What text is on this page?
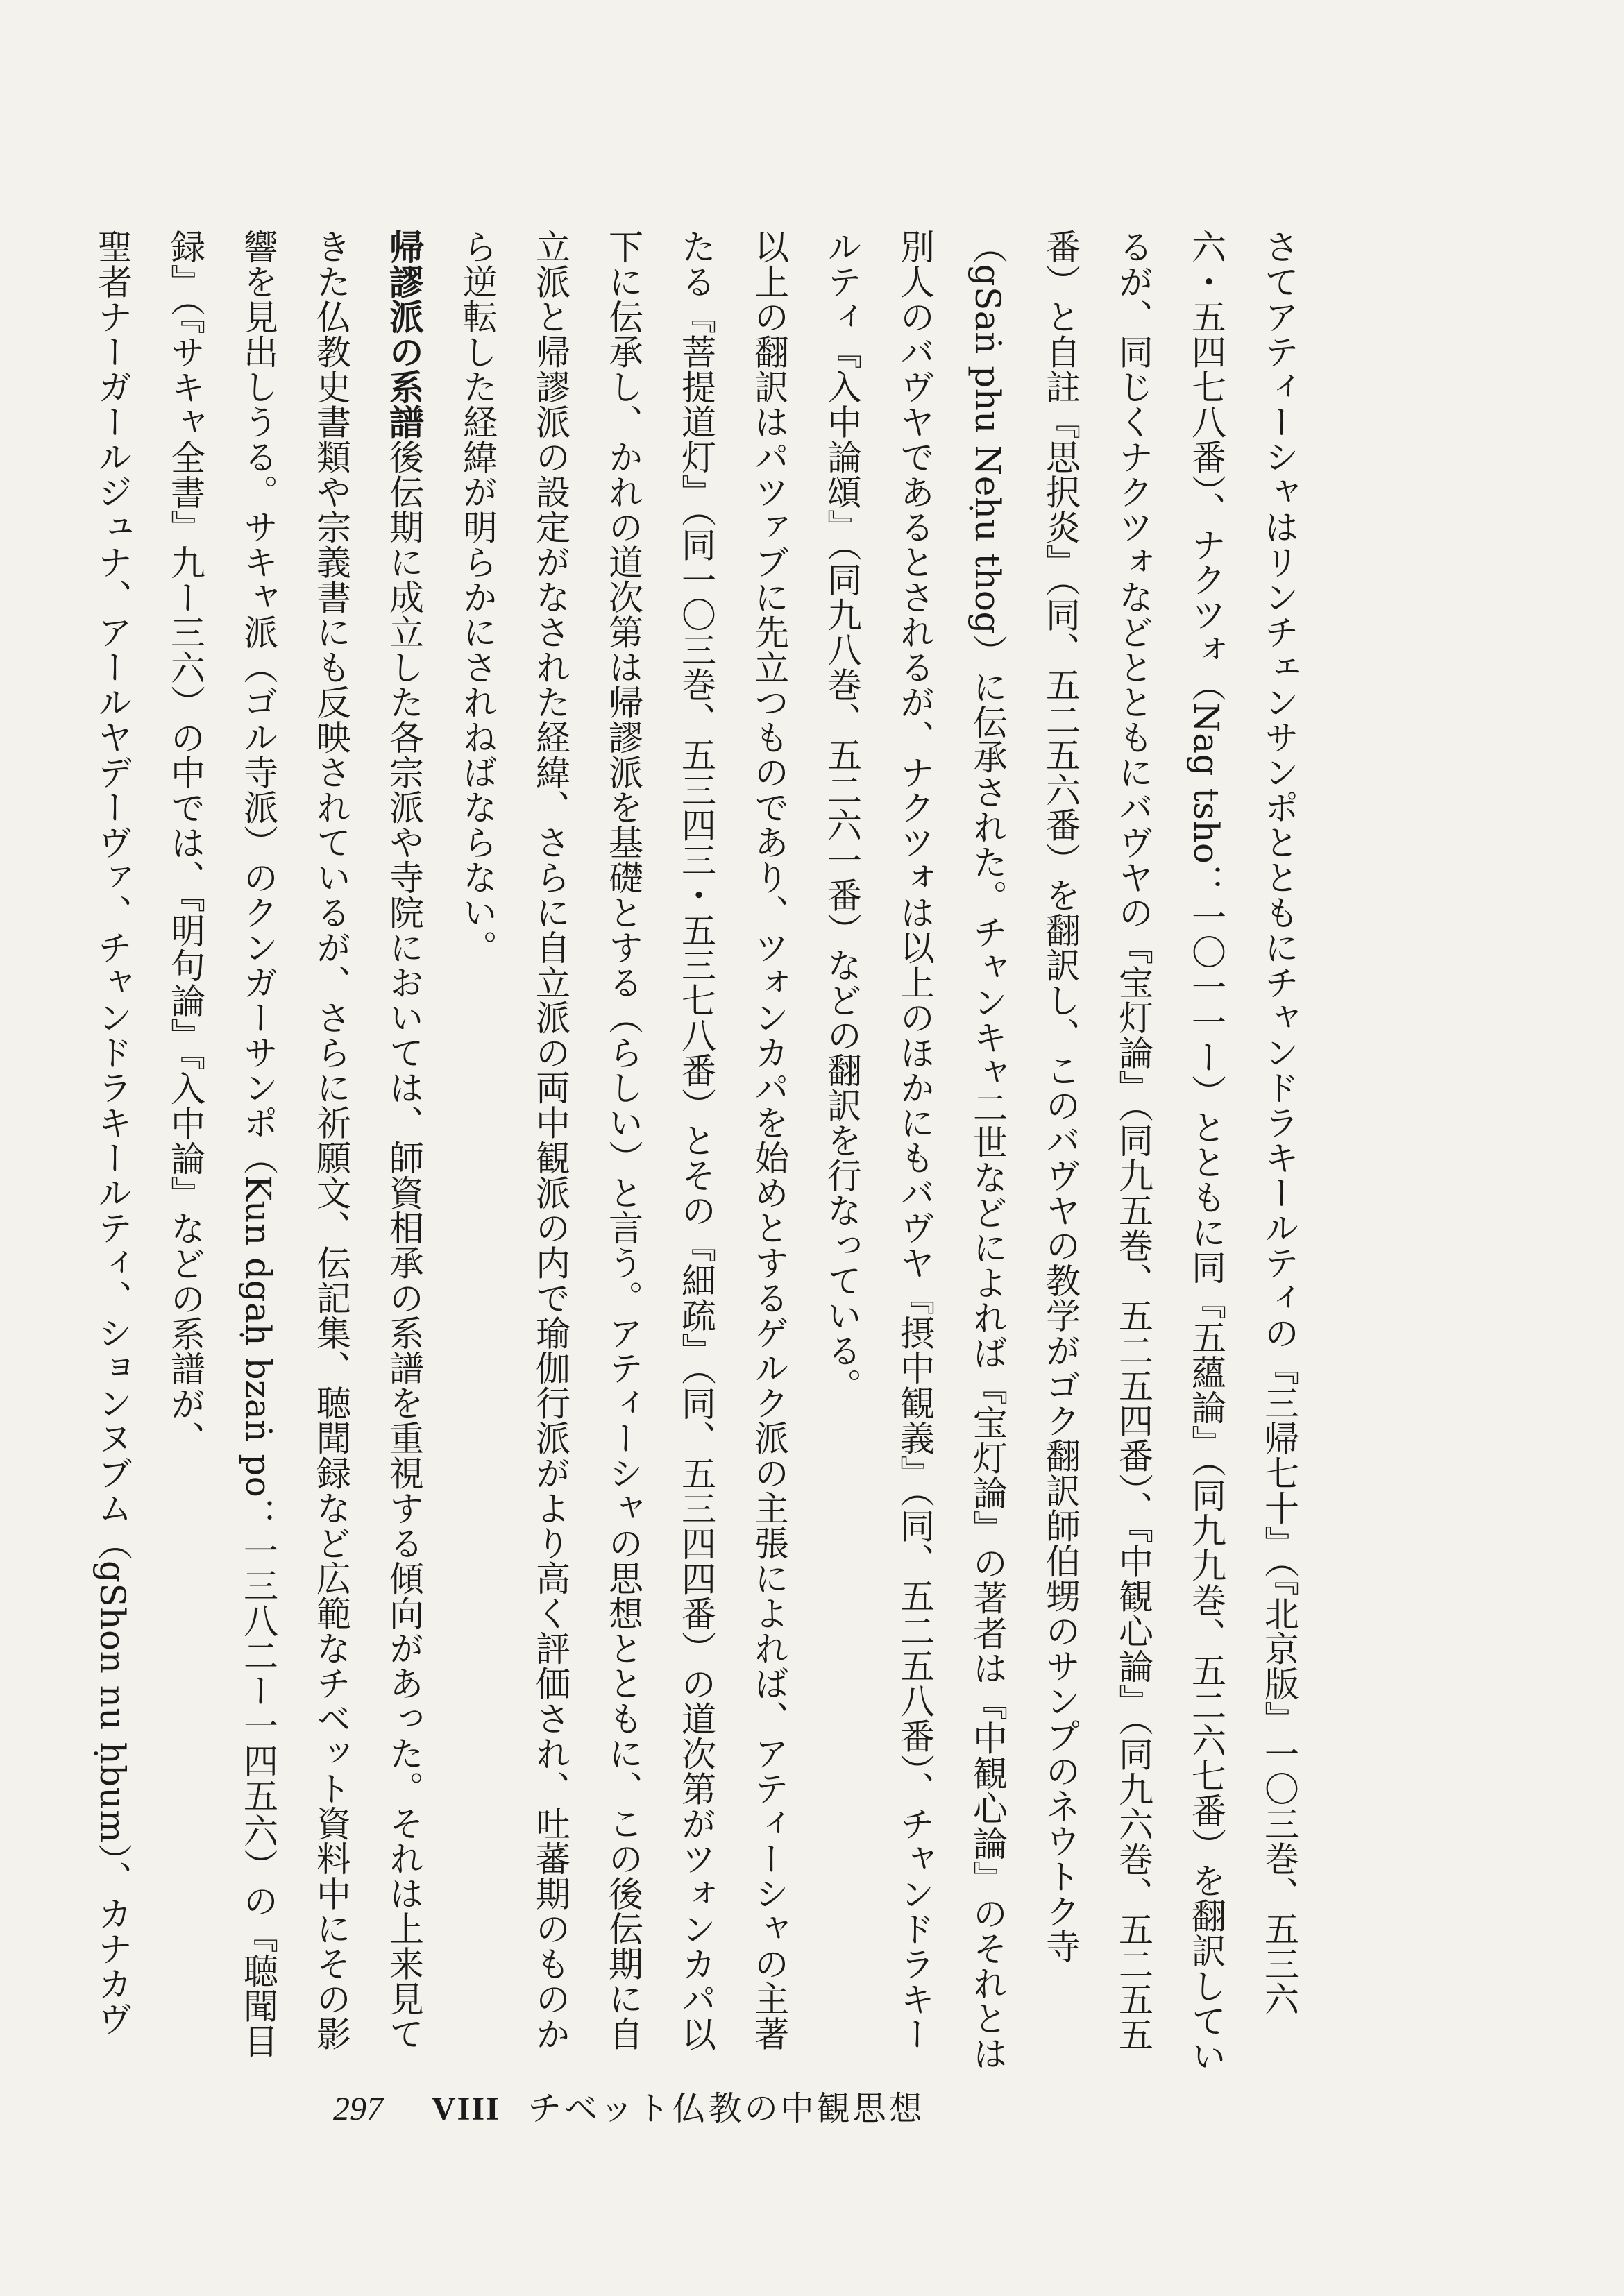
さてアティーシャはリンチェンサンポとともにチャンドラキールティの『三帰七十』（『北京版』一〇三巻、五三六六・五四七八番）、ナクツォ（Nag tsho：一〇一一ー）とともに同『五蘊論』（同九九巻、五二六七番）を翻訳しているが、同じくナクツォなどとともにバヴヤの『宝灯論』（同九五巻、五二五四番）、『中観心論』（同九六巻、五二五五番）と自註『思択炎』（同、五二五六番）を翻訳し、このバヴヤの教学がゴク翻訳師伯甥のサンプのネウトク寺（gSaṅ phu Neḥu thog）に伝承された。チャンキャ二世などによれば『宝灯論』の著者は『中観心論』のそれとは別人のバヴヤであるとされるが、ナクツォは以上のほかにもバヴヤ『摂中観義』（同、五二五八番）、チャンドラキールティ『入中論頌』（同九八巻、五二六一番）などの翻訳を行なっている。

以上の翻訳はパツァブに先立つものであり、ツォンカパを始めとするゲルク派の主張によれば、アティーシャの主著たる『菩提道灯』（同一〇三巻、五三四三・五三七八番）とその『細疏』（同、五三四四番）の道次第がツォンカパ以下に伝承し、かれの道次第は帰謬派を基礎とする（らしい）と言う。アティーシャの思想とともに、この後伝期に自立派と帰謬派の設定がなされた経緯、さらに自立派の両中観派の内で瑜伽行派がより高く評価され、吐蕃期のものから逆転した経緯が明らかにされねばならない。

帰謬派の系譜後伝期に成立した各宗派や寺院においては、師資相承の系譜を重視する傾向があった。それは上来見てきた仏教史書類や宗義書にも反映されているが、さらに祈願文、伝記集、聴聞録など広範なチベット資料中にその影響を見出しうる。サキャ派（ゴル寺派）のクンガーサンポ（Kun dgaḥ bzaṅ po：一三八二ー一四五六）の『聴聞目録』（『サキャ全書』九ー三六）の中では、『明句論』『入中論』などの系譜が、

聖者ナーガールジュナ、アールヤデーヴァ、チャンドラキールティ、ションヌブム（gShon nu ḥbum）、カナカヴ

297 VIII チベット仏教の中観思想
